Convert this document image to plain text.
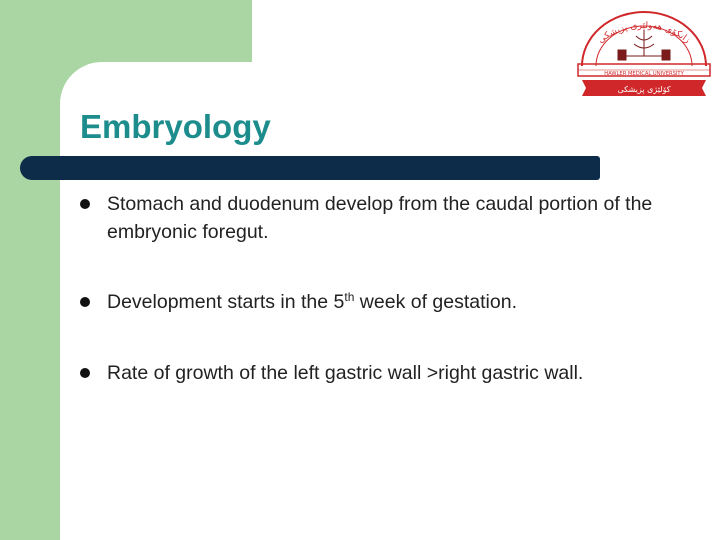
Embryology
Stomach and duodenum develop from the caudal portion of the embryonic foregut.
Development starts in the 5th week of gestation.
Rate of growth of the left gastric wall >right gastric wall.
زانكۆی هەولێری پزیشکی
HAWLER MEDICAL UNIVERSITY
کۆلێژی پزیشکی
